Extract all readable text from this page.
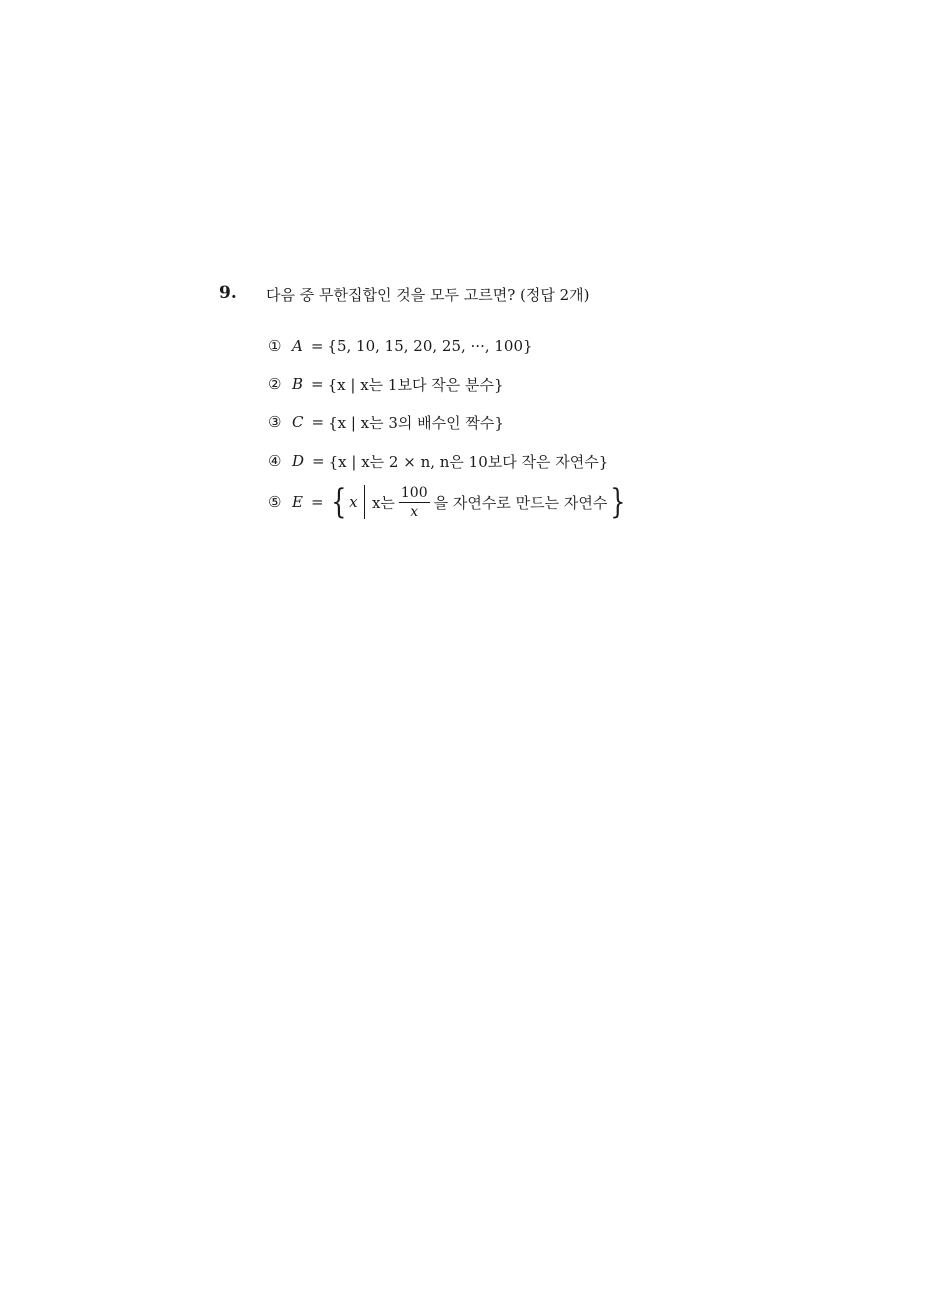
9. 다음 중 무한집합인 것을 모두 고르면? (정답 2개)
① A = {5, 10, 15, 20, 25, ···, 100}
② B = {x | x는 1보다 작은 분수}
③ C = {x | x는 3의 배수인 짝수}
④ D = {x | x는 2 × n, n은 10보다 작은 자연수}
⑤ E = { x x는 $\frac{100}{x}$ 을 자연수로 만드는 자연수 }
